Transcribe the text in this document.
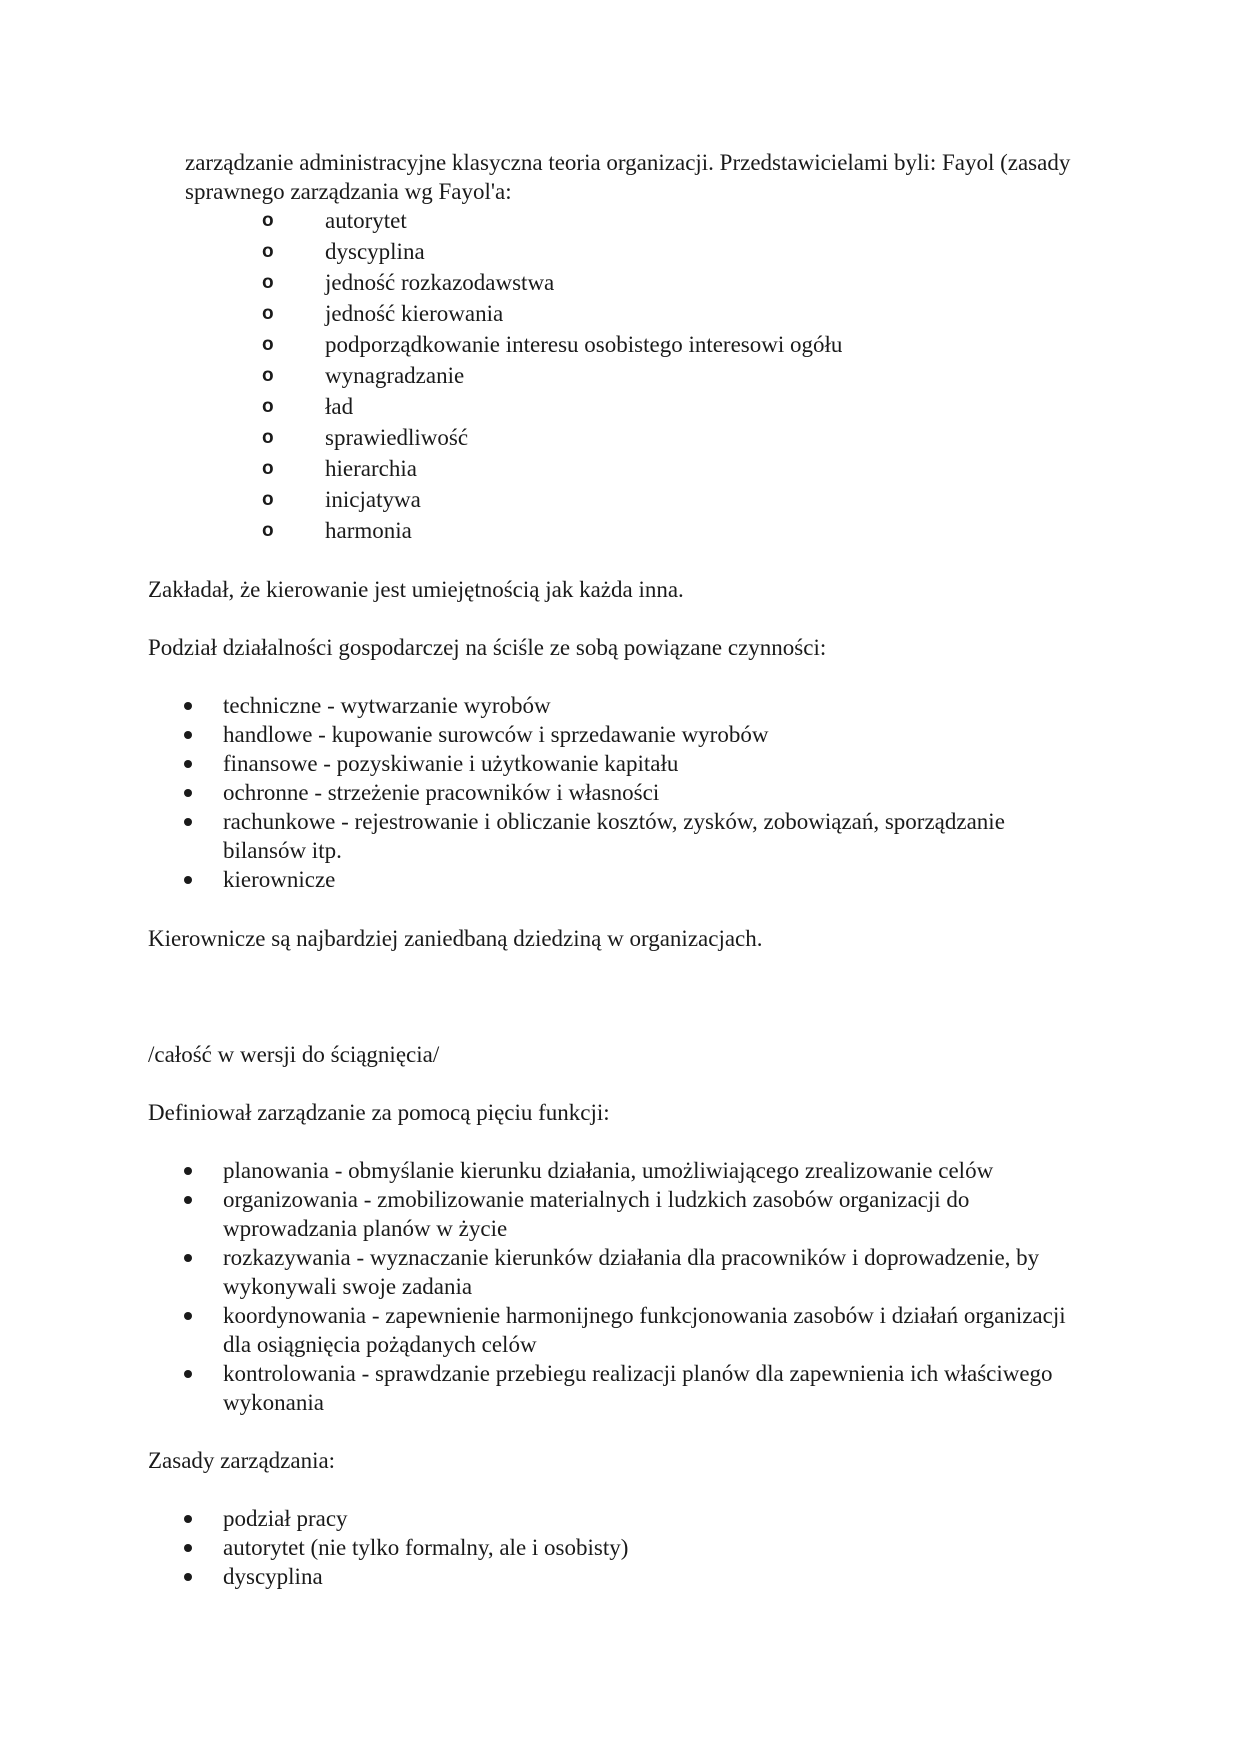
zarządzanie administracyjne klasyczna teoria organizacji. Przedstawicielami byli: Fayol (zasady sprawnego zarządzania wg Fayol'a:

o autorytet
o dyscyplina
o jedność rozkazodawstwa
o jedność kierowania
o podporządkowanie interesu osobistego interesowi ogółu
o wynagradzanie
o ład
o sprawiedliwość
o hierarchia
o inicjatywa
o harmonia

Zakładał, że kierowanie jest umiejętnością jak każda inna.

Podział działalności gospodarczej na ściśle ze sobą powiązane czynności:

techniczne - wytwarzanie wyrobów
handlowe - kupowanie surowców i sprzedawanie wyrobów
finansowe - pozyskiwanie i użytkowanie kapitału
ochronne - strzeżenie pracowników i własności
rachunkowe - rejestrowanie i obliczanie kosztów, zysków, zobowiązań, sporządzanie bilansów itp.
kierownicze

Kierownicze są najbardziej zaniedbaną dziedziną w organizacjach.

/całość w wersji do ściągnięcia/

Definiował zarządzanie za pomocą pięciu funkcji:

planowania - obmyślanie kierunku działania, umożliwiającego zrealizowanie celów
organizowania - zmobilizowanie materialnych i ludzkich zasobów organizacji do wprowadzania planów w życie
rozkazywania - wyznaczanie kierunków działania dla pracowników i doprowadzenie, by wykonywali swoje zadania
koordynowania - zapewnienie harmonijnego funkcjonowania zasobów i działań organizacji dla osiągnięcia pożądanych celów
kontrolowania - sprawdzanie przebiegu realizacji planów dla zapewnienia ich właściwego wykonania

Zasady zarządzania:

podział pracy
autorytet (nie tylko formalny, ale i osobisty)
dyscyplina
